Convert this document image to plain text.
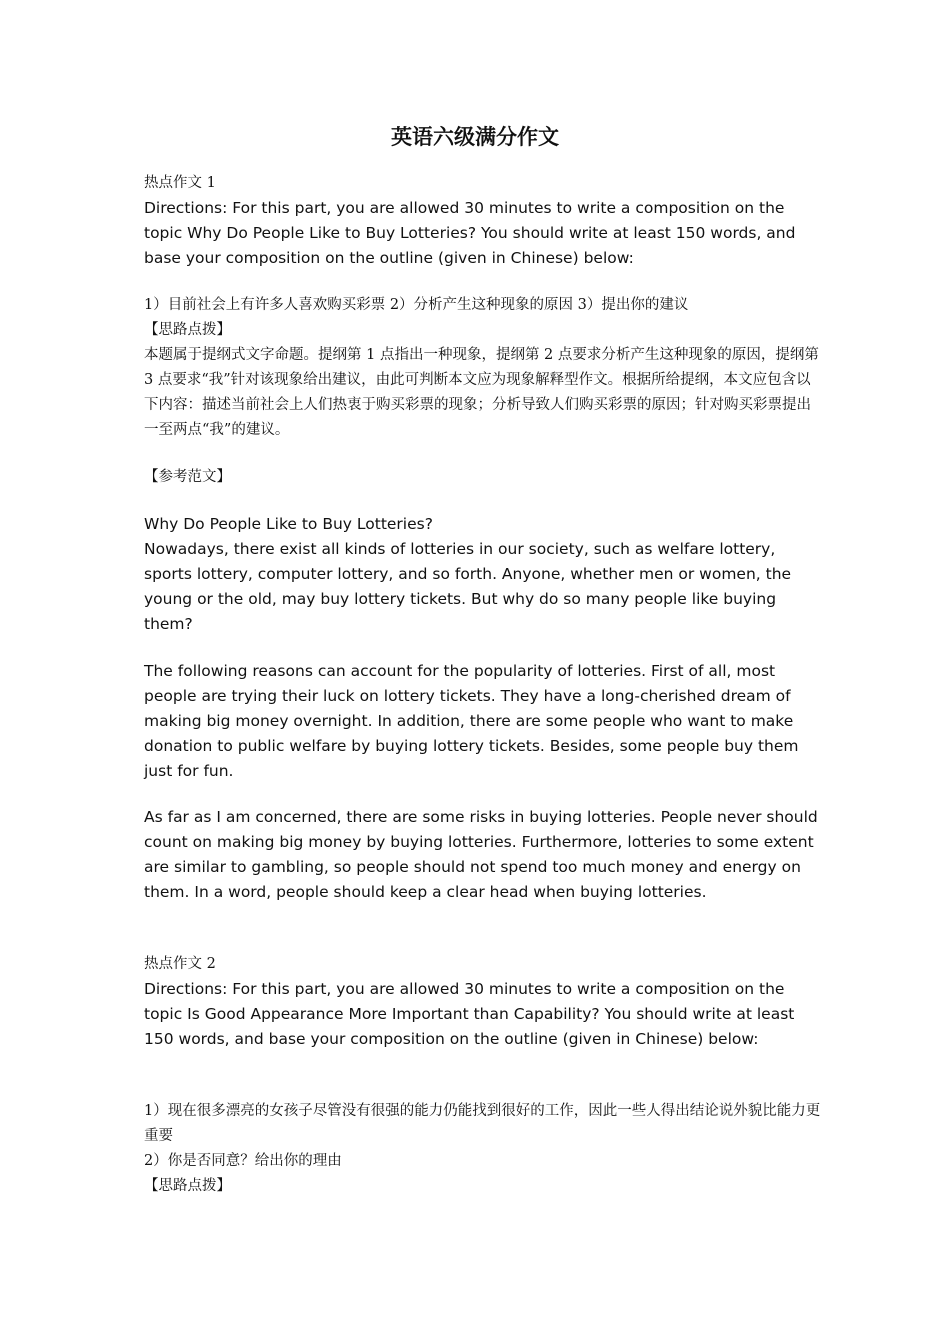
英语六级满分作文

热点作文 1

Directions: For this part, you are allowed 30 minutes to write a composition on the topic Why Do People Like to Buy Lotteries? You should write at least 150 words, and base your composition on the outline (given in Chinese) below:

1）目前社会上有许多人喜欢购买彩票 2）分析产生这种现象的原因 3）提出你的建议

【思路点拨】

本题属于提纲式文字命题。提纲第 1 点指出一种现象，提纲第 2 点要求分析产生这种现象的原因，提纲第 3 点要求“我”针对该现象给出建议，由此可判断本文应为现象解释型作文。根据所给提纲，本文应包含以下内容：描述当前社会上人们热衷于购买彩票的现象；分析导致人们购买彩票的原因；针对购买彩票提出一至两点“我”的建议。

【参考范文】

Why Do People Like to Buy Lotteries?

Nowadays, there exist all kinds of lotteries in our society, such as welfare lottery, sports lottery, computer lottery, and so forth. Anyone, whether men or women, the young or the old, may buy lottery tickets. But why do so many people like buying them?

The following reasons can account for the popularity of lotteries. First of all, most people are trying their luck on lottery tickets. They have a long-cherished dream of making big money overnight. In addition, there are some people who want to make donation to public welfare by buying lottery tickets. Besides, some people buy them just for fun.

As far as I am concerned, there are some risks in buying lotteries. People never should count on making big money by buying lotteries. Furthermore, lotteries to some extent are similar to gambling, so people should not spend too much money and energy on them. In a word, people should keep a clear head when buying lotteries.

热点作文 2

Directions: For this part, you are allowed 30 minutes to write a composition on the topic Is Good Appearance More Important than Capability? You should write at least 150 words, and base your composition on the outline (given in Chinese) below:

1）现在很多漂亮的女孩子尽管没有很强的能力仍能找到很好的工作，因此一些人得出结论说外貌比能力更重要

2）你是否同意？给出你的理由

【思路点拨】
